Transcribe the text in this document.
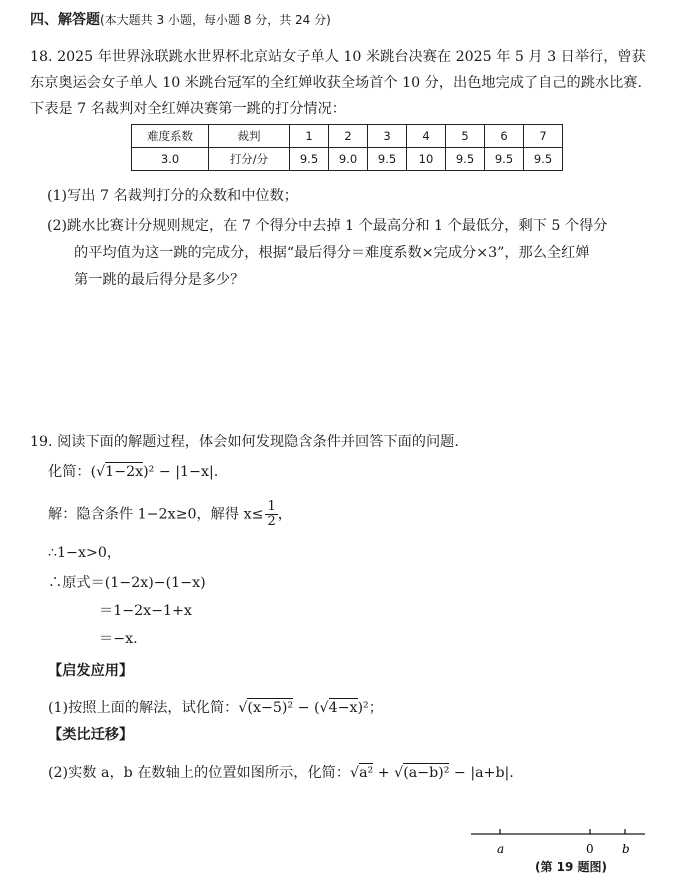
四、解答题(本大题共 3 小题，每小题 8 分，共 24 分)
18. 2025 年世界泳联跳水世界杯北京站女子单人 10 米跳台决赛在 2025 年 5 月 3 日举行，曾获东京奥运会女子单人 10 米跳台冠军的全红婵收获全场首个 10 分，出色地完成了自己的跳水比赛. 下表是 7 名裁判对全红婵决赛第一跳的打分情况：
难度系数	裁判	1	2	3	4	5	6	7
3.0	打分/分	9.5	9.0	9.5	10	9.5	9.5	9.5
(1)写出 7 名裁判打分的众数和中位数；
(2)跳水比赛计分规则规定，在 7 个得分中去掉 1 个最高分和 1 个最低分，剩下 5 个得分
的平均值为这一跳的完成分，根据“最后得分＝难度系数×完成分×3”，那么全红婵
第一跳的最后得分是多少？
19. 阅读下面的解题过程，体会如何发现隐含条件并回答下面的问题.
化简：(√1−2x)² − |1−x|.
解：隐含条件 1−2x≥0，解得 $x\le \frac{1}{2}$ ，
∴1−x>0，
∴原式＝(1−2x)−(1−x)
＝1−2x−1+x
＝−x.
【启发应用】
(1)按照上面的解法，试化简：√(x−5)² − (√4−x)²；
【类比迁移】
(2)实数 a，b 在数轴上的位置如图所示，化简：√a² + √(a−b)² − |a+b|.
a	0 b
(第 19 题图)
